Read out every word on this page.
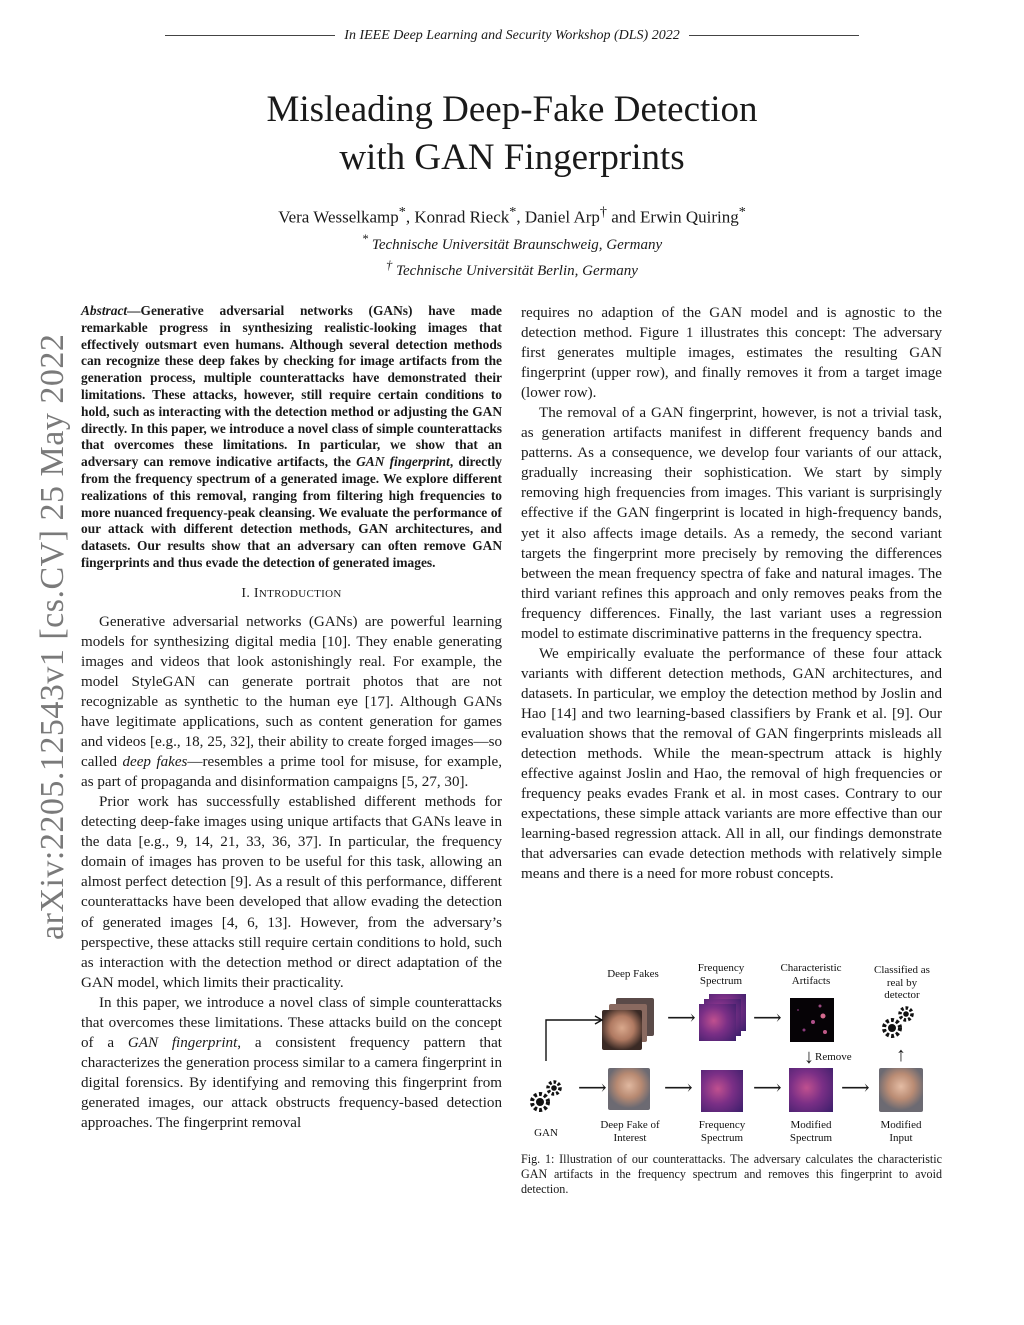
In IEEE Deep Learning and Security Workshop (DLS) 2022
Misleading Deep-Fake Detection
with GAN Fingerprints
Vera Wesselkamp*, Konrad Rieck*, Daniel Arp† and Erwin Quiring*
* Technische Universität Braunschweig, Germany
† Technische Universität Berlin, Germany
arXiv:2205.12543v1 [cs.CV] 25 May 2022

Abstract—Generative adversarial networks (GANs) have made remarkable progress in synthesizing realistic-looking images that effectively outsmart even humans. Although several detection methods can recognize these deep fakes by checking for image artifacts from the generation process, multiple counterattacks have demonstrated their limitations. These attacks, however, still require certain conditions to hold, such as interacting with the detection method or adjusting the GAN directly. In this paper, we introduce a novel class of simple counterattacks that overcomes these limitations. In particular, we show that an adversary can remove indicative artifacts, the GAN fingerprint, directly from the frequency spectrum of a generated image. We explore different realizations of this removal, ranging from filtering high frequencies to more nuanced frequency-peak cleansing. We evaluate the performance of our attack with different detection methods, GAN architectures, and datasets. Our results show that an adversary can often remove GAN fingerprints and thus evade the detection of generated images.

I. INTRODUCTION

Generative adversarial networks (GANs) are powerful learning models for synthesizing digital media [10]. They enable generating images and videos that look astonishingly real. For example, the model StyleGAN can generate portrait photos that are not recognizable as synthetic to the human eye [17]. Although GANs have legitimate applications, such as content generation for games and videos [e.g., 18, 25, 32], their ability to create forged images—so called deep fakes—resembles a prime tool for misuse, for example, as part of propaganda and disinformation campaigns [5, 27, 30].

Prior work has successfully established different methods for detecting deep-fake images using unique artifacts that GANs leave in the data [e.g., 9, 14, 21, 33, 36, 37]. In particular, the frequency domain of images has proven to be useful for this task, allowing an almost perfect detection [9]. As a result of this performance, different counterattacks have been developed that allow evading the detection of generated images [4, 6, 13]. However, from the adversary’s perspective, these attacks still require certain conditions to hold, such as interaction with the detection method or direct adaptation of the GAN model, which limits their practicality.

In this paper, we introduce a novel class of simple counterattacks that overcomes these limitations. These attacks build on the concept of a GAN fingerprint, a consistent frequency pattern that characterizes the generation process similar to a camera fingerprint in digital forensics. By identifying and removing this fingerprint from generated images, our attack obstructs frequency-based detection approaches. The fingerprint removal

requires no adaption of the GAN model and is agnostic to the detection method. Figure 1 illustrates this concept: The adversary first generates multiple images, estimates the resulting GAN fingerprint (upper row), and finally removes it from a target image (lower row).

The removal of a GAN fingerprint, however, is not a trivial task, as generation artifacts manifest in different frequency bands and patterns. As a consequence, we develop four variants of our attack, gradually increasing their sophistication. We start by simply removing high frequencies from images. This variant is surprisingly effective if the GAN fingerprint is located in high-frequency bands, yet it also affects image details. As a remedy, the second variant targets the fingerprint more precisely by removing the differences between the mean frequency spectra of fake and natural images. The third variant refines this approach and only removes peaks from the frequency differences. Finally, the last variant uses a regression model to estimate discriminative patterns in the frequency spectra.

We empirically evaluate the performance of these four attack variants with different detection methods, GAN architectures, and datasets. In particular, we employ the detection method by Joslin and Hao [14] and two learning-based classifiers by Frank et al. [9]. Our evaluation shows that the removal of GAN fingerprints misleads all detection methods. While the mean-spectrum attack is highly effective against Joslin and Hao, the removal of high frequencies or frequency peaks evades Frank et al. in most cases. Contrary to our expectations, these simple attack variants are more effective than our learning-based regression attack. All in all, our findings demonstrate that adversaries can evade detection methods with relatively simple means and there is a need for more robust concepts.

Deep Fakes	Frequency Spectrum
Characteristic Artifacts
Classified as real by detector
⟶	⟶
↓ Remove	↑
⟶	⟶	⟶	⟶
GAN
Deep Fake of Interest
Frequency Spectrum
Modified Spectrum
Modified Input
Fig. 1: Illustration of our counterattacks. The adversary calculates the characteristic GAN artifacts in the frequency spectrum and removes this fingerprint to avoid detection.
